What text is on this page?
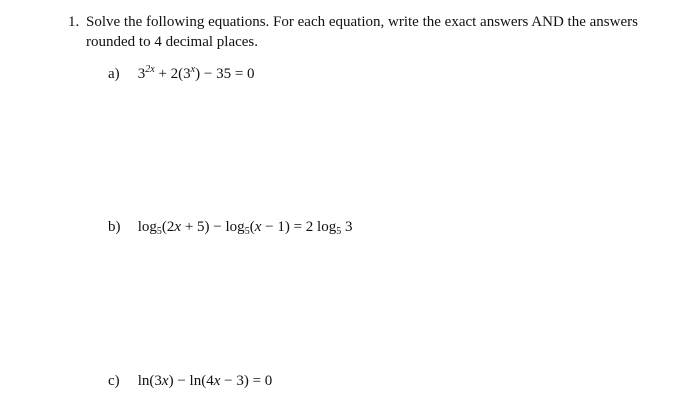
1. Solve the following equations. For each equation, write the exact answers AND the answers
rounded to 4 decimal places.
a) $3^{2x} + 2(3^x) - 35 = 0$
b) $\log_5(2x + 5) - \log_5(x - 1) = 2$ $\log_5 3$
c) ln(3x) − ln(4x − 3) = 0
